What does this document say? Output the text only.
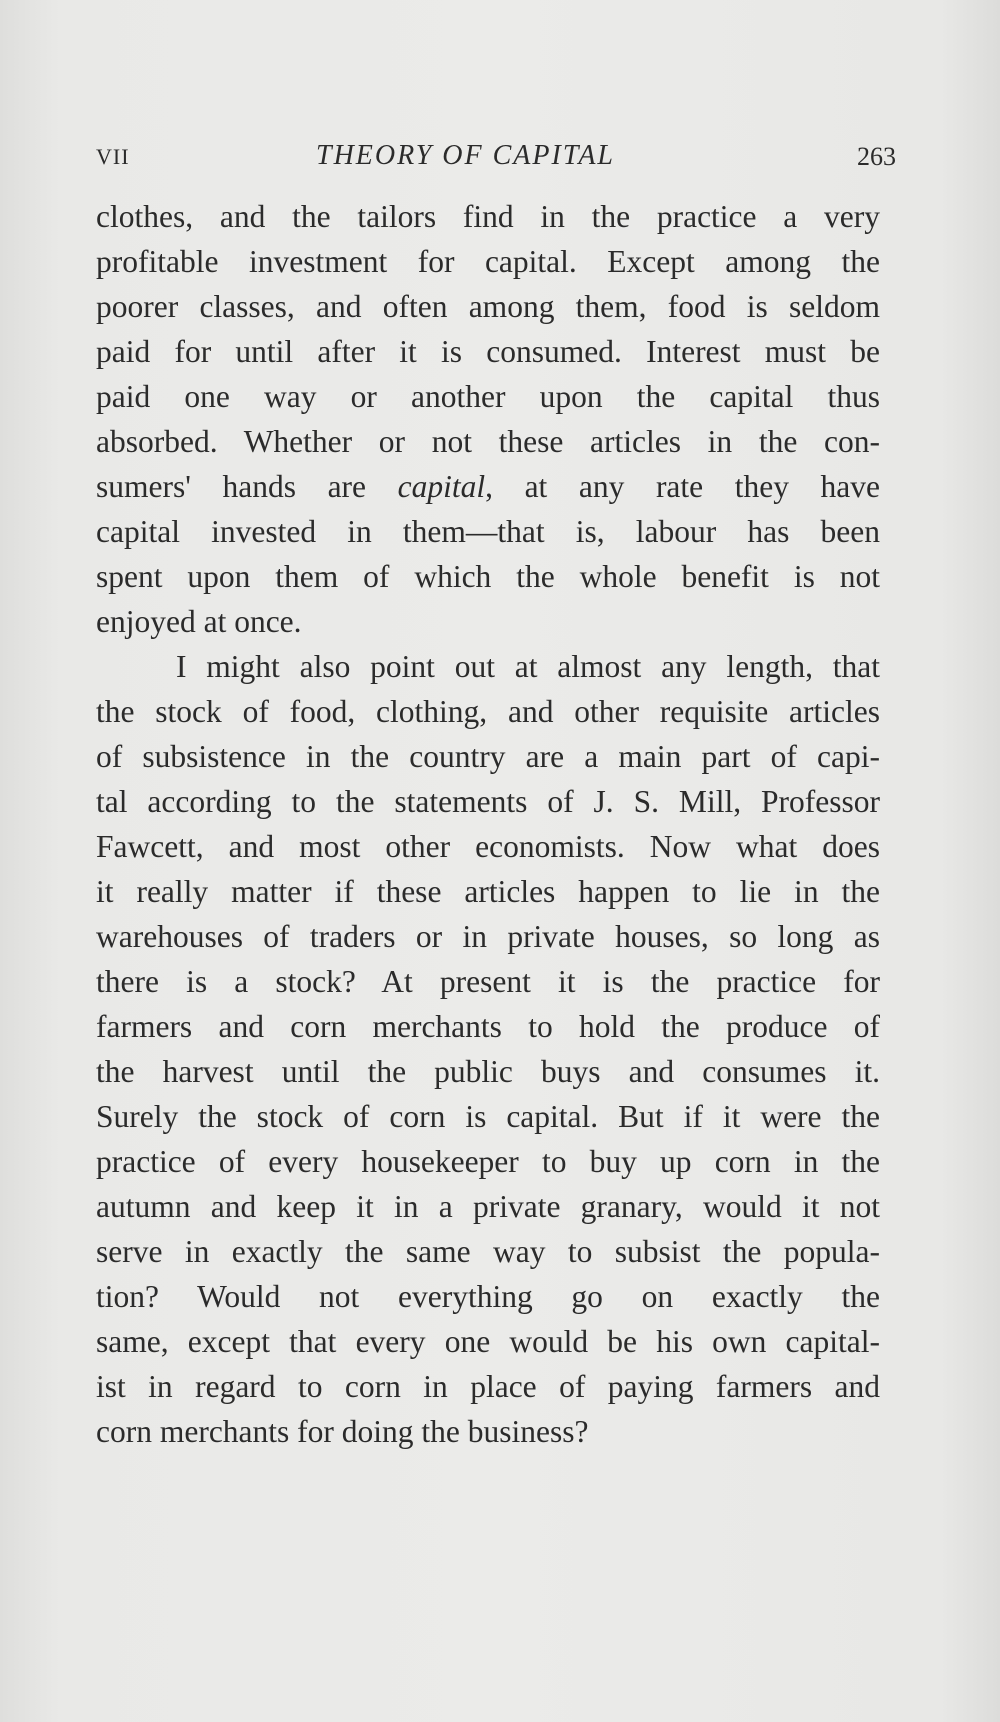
VII	THEORY OF CAPITAL	263

clothes, and the tailors find in the practice a very
profitable investment for capital. Except among the
poorer classes, and often among them, food is seldom
paid for until after it is consumed. Interest must be
paid one way or another upon the capital thus
absorbed. Whether or not these articles in the con-
sumers' hands are capital, at any rate they have
capital invested in them—that is, labour has been
spent upon them of which the whole benefit is not
enjoyed at once.

I might also point out at almost any length, that
the stock of food, clothing, and other requisite articles
of subsistence in the country are a main part of capi-
tal according to the statements of J. S. Mill, Professor
Fawcett, and most other economists. Now what does
it really matter if these articles happen to lie in the
warehouses of traders or in private houses, so long as
there is a stock? At present it is the practice for
farmers and corn merchants to hold the produce of
the harvest until the public buys and consumes it.
Surely the stock of corn is capital. But if it were the
practice of every housekeeper to buy up corn in the
autumn and keep it in a private granary, would it not
serve in exactly the same way to subsist the popula-
tion? Would not everything go on exactly the
same, except that every one would be his own capital-
ist in regard to corn in place of paying farmers and
corn merchants for doing the business?
